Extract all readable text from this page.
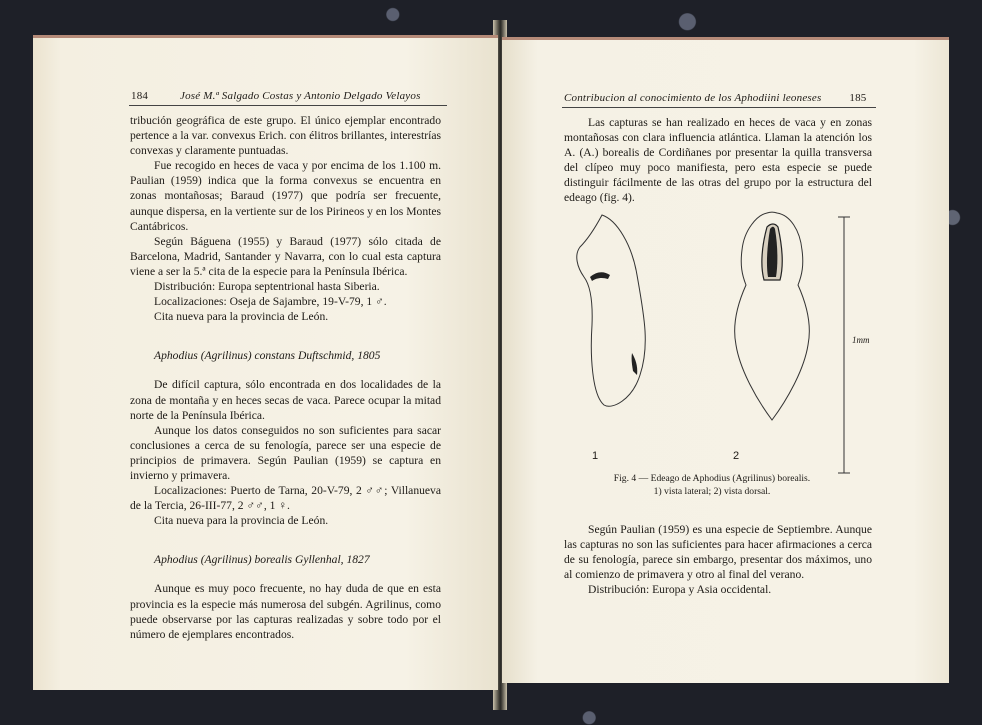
184	José M.ª Salgado Costas y Antonio Delgado Velayos

tribución geográfica de este grupo. El único ejemplar encontrado pertence a la var. convexus Erich. con élitros brillantes, interestrías convexas y claramente puntuadas.

Fue recogido en heces de vaca y por encima de los 1.100 m. Paulian (1959) indica que la forma convexus se encuentra en zonas montañosas; Baraud (1977) que podría ser frecuente, aunque dispersa, en la vertiente sur de los Pirineos y en los Montes Cantábricos.

Según Báguena (1955) y Baraud (1977) sólo citada de Barcelona, Madrid, Santander y Navarra, con lo cual esta captura viene a ser la 5.ª cita de la especie para la Península Ibérica.

Distribución: Europa septentrional hasta Siberia.

Localizaciones: Oseja de Sajambre, 19-V-79, 1 ♂.

Cita nueva para la provincia de León.

Aphodius (Agrilinus) constans Duftschmid, 1805

De difícil captura, sólo encontrada en dos localidades de la zona de montaña y en heces secas de vaca. Parece ocupar la mitad norte de la Península Ibérica.

Aunque los datos conseguidos no son suficientes para sacar conclusiones a cerca de su fenología, parece ser una especie de principios de primavera. Según Paulian (1959) se captura en invierno y primavera.

Localizaciones: Puerto de Tarna, 20-V-79, 2 ♂♂; Villanueva de la Tercia, 26-III-77, 2 ♂♂, 1 ♀.

Cita nueva para la provincia de León.

Aphodius (Agrilinus) borealis Gyllenhal, 1827

Aunque es muy poco frecuente, no hay duda de que en esta provincia es la especie más numerosa del subgén. Agrilinus, como puede observarse por las capturas realizadas y sobre todo por el número de ejemplares encontrados.

Contribucion al conocimiento de los Aphodiini leoneses	185

Las capturas se han realizado en heces de vaca y en zonas montañosas con clara influencia atlántica. Llaman la atención los A. (A.) borealis de Cordiñanes por presentar la quilla transversa del clípeo muy poco manifiesta, pero esta especie se puede distinguir fácilmente de las otras del grupo por la estructura del edeago (fig. 4).

1mm
1	2
Fig. 4 — Edeago de Aphodius (Agrilinus) borealis.
1) vista lateral; 2) vista dorsal.

Según Paulian (1959) es una especie de Septiembre. Aunque las capturas no son las suficientes para hacer afirmaciones a cerca de su fenología, parece sin embargo, presentar dos máximos, uno al comienzo de primavera y otro al final del verano.

Distribución: Europa y Asia occidental.
